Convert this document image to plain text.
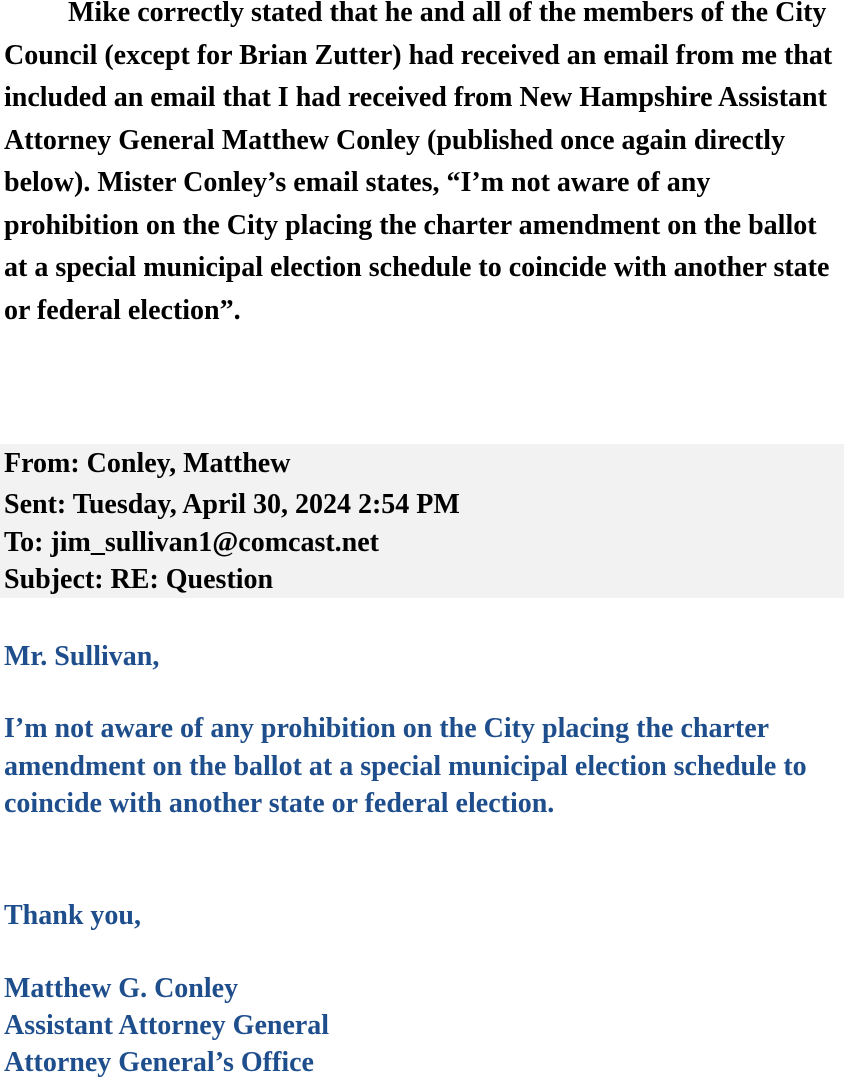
Mike correctly stated that he and all of the members of the City Council (except for Brian Zutter) had received an email from me that included an email that I had received from New Hampshire Assistant Attorney General Matthew Conley (published once again directly below). Mister Conley’s email states, “I’m not aware of any prohibition on the City placing the charter amendment on the ballot at a special municipal election schedule to coincide with another state or federal election”.

From: Conley, Matthew

Sent: Tuesday, April 30, 2024 2:54 PM

To: jim_sullivan1@comcast.net

Subject: RE: Question

Mr. Sullivan,

I’m not aware of any prohibition on the City placing the charter amendment on the ballot at a special municipal election schedule to coincide with another state or federal election.

Thank you,

Matthew G. Conley

Assistant Attorney General

Attorney General’s Office
